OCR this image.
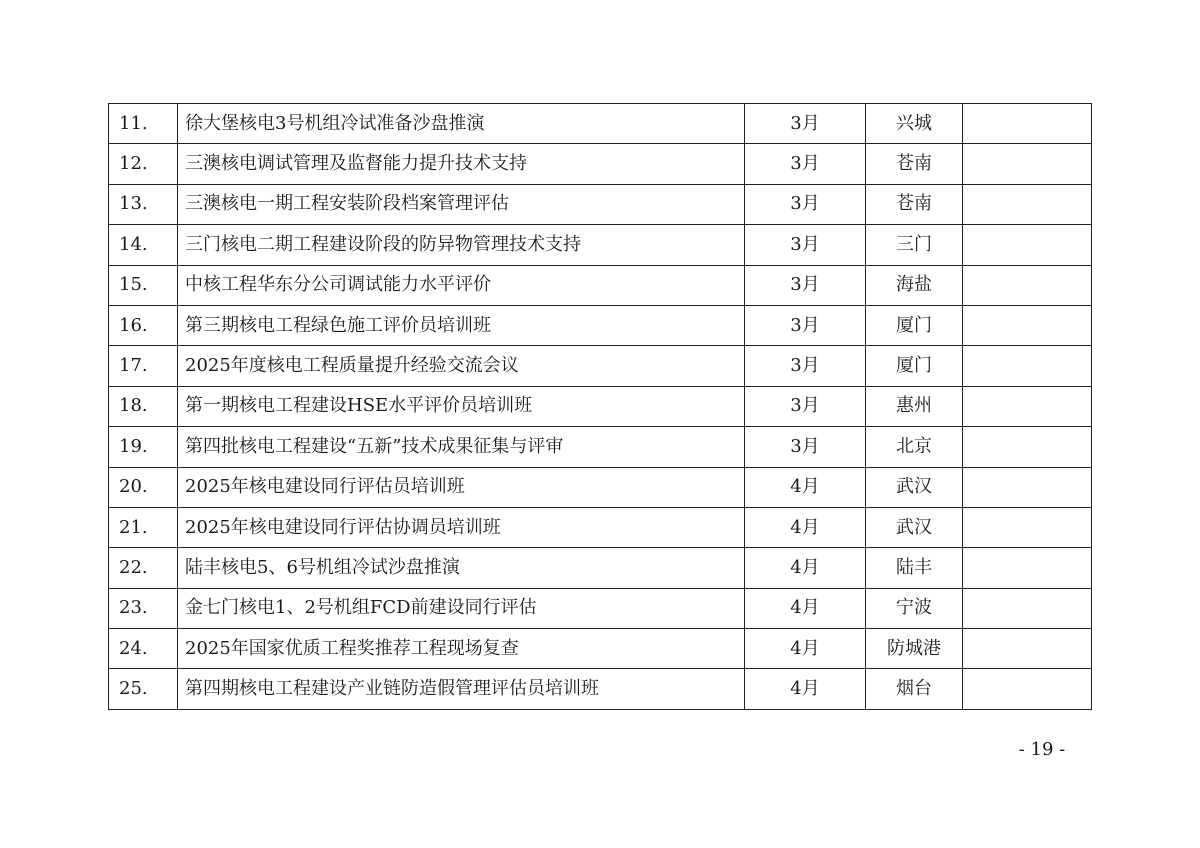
11.	徐大堡核电3号机组冷试准备沙盘推演	3月	兴城	
12.	三澳核电调试管理及监督能力提升技术支持	3月	苍南	
13.	三澳核电一期工程安装阶段档案管理评估	3月	苍南	
14.	三门核电二期工程建设阶段的防异物管理技术支持	3月	三门	
15.	中核工程华东分公司调试能力水平评价	3月	海盐	
16.	第三期核电工程绿色施工评价员培训班	3月	厦门	
17.	2025年度核电工程质量提升经验交流会议	3月	厦门	
18.	第一期核电工程建设HSE水平评价员培训班	3月	惠州	
19.	第四批核电工程建设“五新”技术成果征集与评审	3月	北京	
20.	2025年核电建设同行评估员培训班	4月	武汉	
21.	2025年核电建设同行评估协调员培训班	4月	武汉	
22.	陆丰核电5、6号机组冷试沙盘推演	4月	陆丰	
23.	金七门核电1、2号机组FCD前建设同行评估	4月	宁波	
24.	2025年国家优质工程奖推荐工程现场复查	4月	防城港	
25.	第四期核电工程建设产业链防造假管理评估员培训班	4月	烟台	
- 19 -
